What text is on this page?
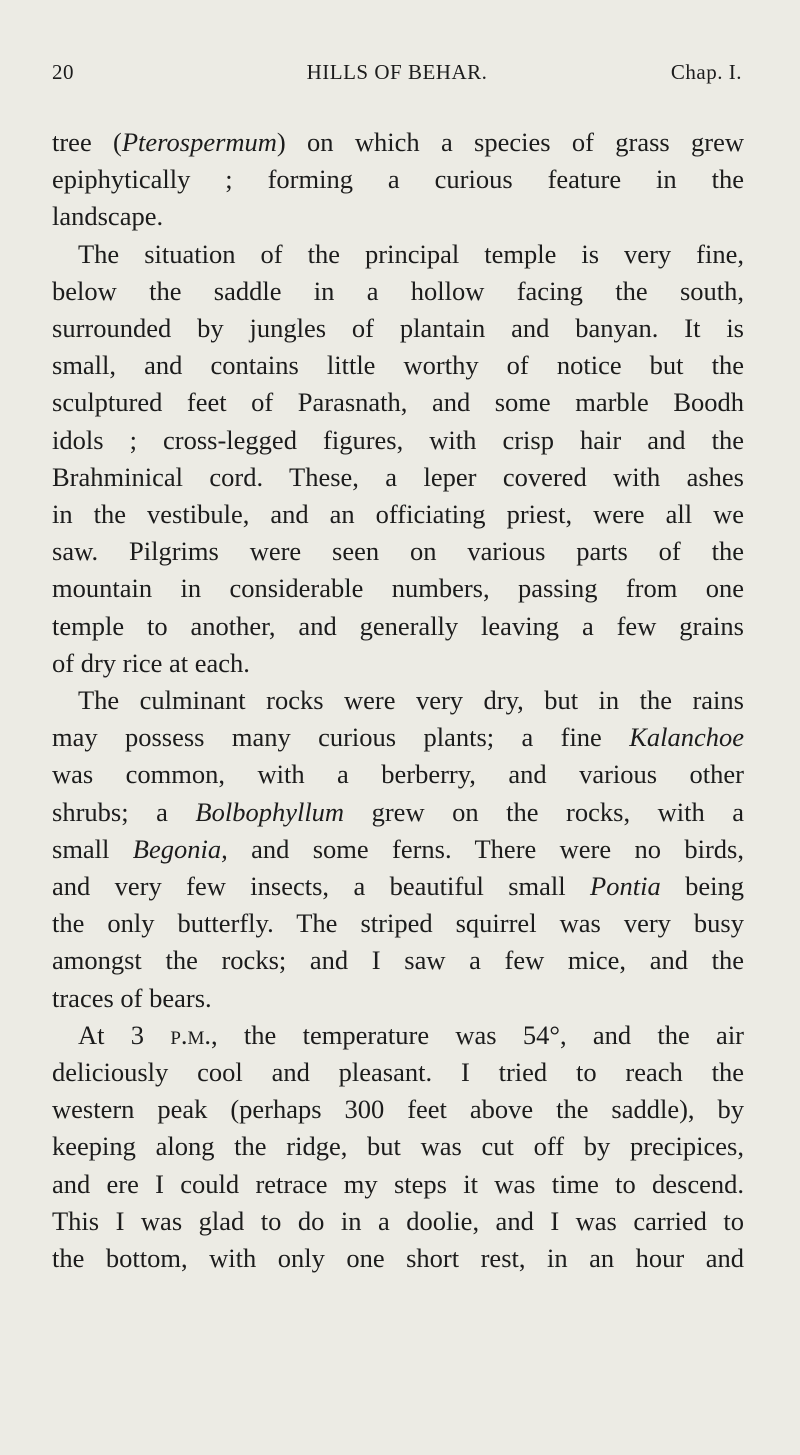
20	HILLS OF BEHAR.	Chap. I.
tree (Pterospermum) on which a species of grass grew
epiphytically ; forming a curious feature in the
landscape.
The situation of the principal temple is very fine,
below the saddle in a hollow facing the south,
surrounded by jungles of plantain and banyan. It is
small, and contains little worthy of notice but the
sculptured feet of Parasnath, and some marble Boodh
idols ; cross-legged figures, with crisp hair and the
Brahminical cord. These, a leper covered with ashes
in the vestibule, and an officiating priest, were all we
saw. Pilgrims were seen on various parts of the
mountain in considerable numbers, passing from one
temple to another, and generally leaving a few grains
of dry rice at each.
The culminant rocks were very dry, but in the rains
may possess many curious plants; a fine Kalanchoe
was common, with a berberry, and various other
shrubs; a Bolbophyllum grew on the rocks, with a
small Begonia, and some ferns. There were no birds,
and very few insects, a beautiful small Pontia being
the only butterfly. The striped squirrel was very busy
amongst the rocks; and I saw a few mice, and the
traces of bears.
At 3 p.m., the temperature was 54°, and the air
deliciously cool and pleasant. I tried to reach the
western peak (perhaps 300 feet above the saddle), by
keeping along the ridge, but was cut off by precipices,
and ere I could retrace my steps it was time to descend.
This I was glad to do in a doolie, and I was carried to
the bottom, with only one short rest, in an hour and
